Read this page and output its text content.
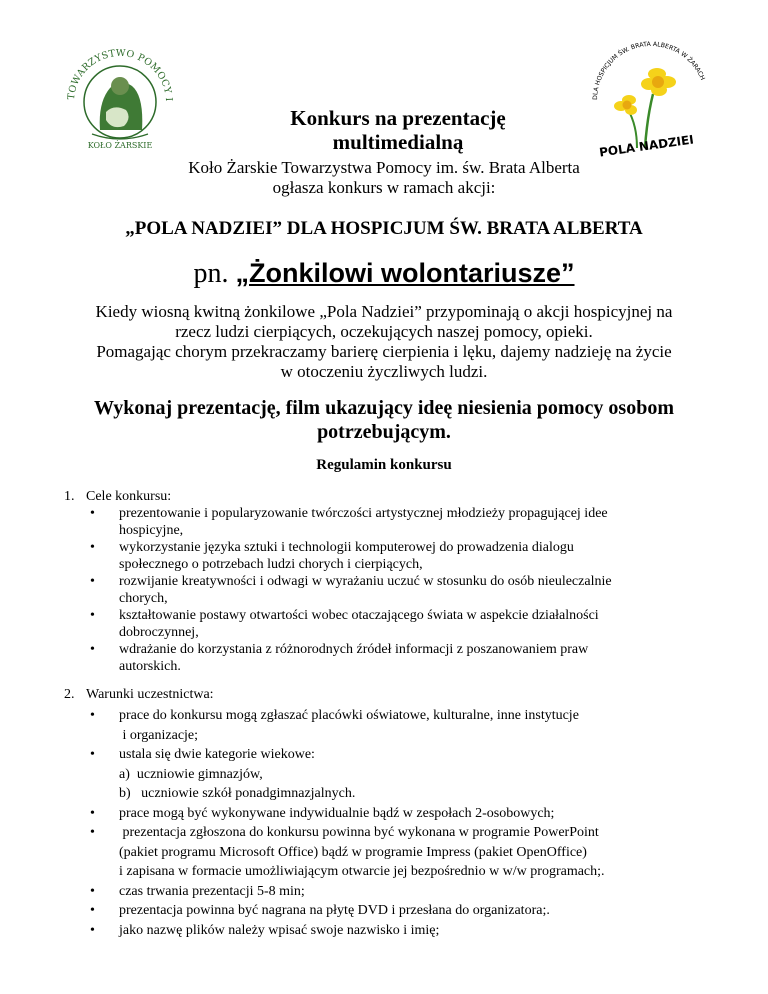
TOWARZYSTWO POMOCY I
KOŁO ŻARSKIE
DLA HOSPICJUM ŚW. BRATA ALBERTA W ŻARACH
POLA NADZIEI
Konkurs na prezentację
multimedialną
Koło Żarskie Towarzystwa Pomocy im. św. Brata Alberta
ogłasza konkurs w ramach akcji:
„POLA NADZIEI” DLA HOSPICJUM ŚW. BRATA ALBERTA
pn. „Żonkilowi wolontariusze”
Kiedy wiosną kwitną żonkilowe „Pola Nadziei” przypominają o akcji hospicyjnej na
rzecz ludzi cierpiących, oczekujących naszej pomocy, opieki.
Pomagając chorym przekraczamy barierę cierpienia i lęku, dajemy nadzieję na życie
w otoczeniu życzliwych ludzi.
Wykonaj prezentację, film ukazujący ideę niesienia pomocy osobom
potrzebującym.
Regulamin konkursu
1. Cele konkursu:
• prezentowanie i popularyzowanie twórczości artystycznej młodzieży propagującej idee
hospicyjne,
• wykorzystanie języka sztuki i technologii komputerowej do prowadzenia dialogu
społecznego o potrzebach ludzi chorych i cierpiących,
• rozwijanie kreatywności i odwagi w wyrażaniu uczuć w stosunku do osób nieuleczalnie
chorych,
• kształtowanie postawy otwartości wobec otaczającego świata w aspekcie działalności
dobroczynnej,
• wdrażanie do korzystania z różnorodnych źródeł informacji z poszanowaniem praw
autorskich.
2. Warunki uczestnictwa:
• prace do konkursu mogą zgłaszać placówki oświatowe, kulturalne, inne instytucje
i organizacje;
• ustala się dwie kategorie wiekowe:
a)  uczniowie gimnazjów,
b)   uczniowie szkół ponadgimnazjalnych.
• prace mogą być wykonywane indywidualnie bądź w zespołach 2-osobowych;
• prezentacja zgłoszona do konkursu powinna być wykonana w programie PowerPoint
(pakiet programu Microsoft Office) bądź w programie Impress (pakiet OpenOffice)
i zapisana w formacie umożliwiającym otwarcie jej bezpośrednio w w/w programach;.
• czas trwania prezentacji 5-8 min;
• prezentacja powinna być nagrana na płytę DVD i przesłana do organizatora;.
• jako nazwę plików należy wpisać swoje nazwisko i imię;
